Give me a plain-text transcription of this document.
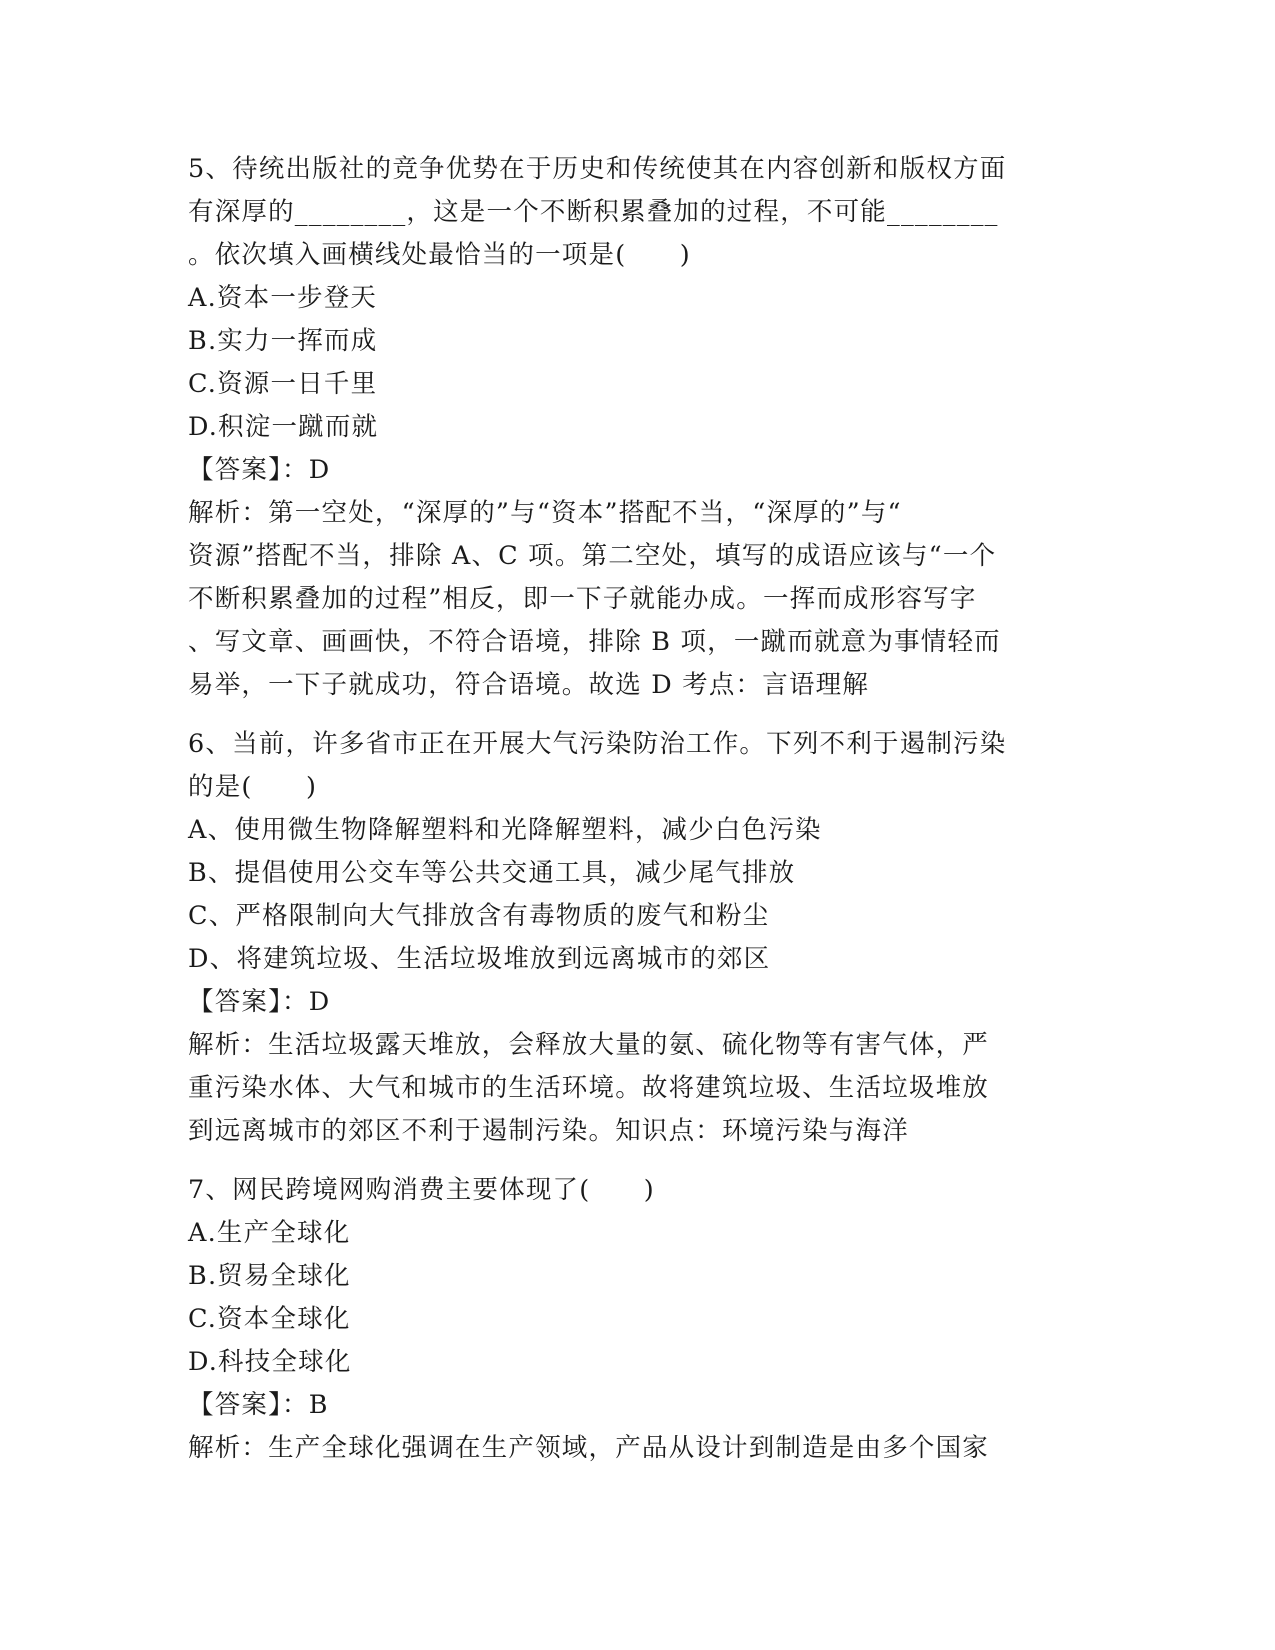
5、待统出版社的竞争优势在于历史和传统使其在内容创新和版权方面
有深厚的________，这是一个不断积累叠加的过程，不可能________
。依次填入画横线处最恰当的一项是(　　)
A.资本一步登天
B.实力一挥而成
C.资源一日千里
D.积淀一蹴而就
【答案】：D
解析：第一空处，“深厚的”与“资本”搭配不当，“深厚的”与“
资源”搭配不当，排除 A、C 项。第二空处，填写的成语应该与“一个
不断积累叠加的过程”相反，即一下子就能办成。一挥而成形容写字
、写文章、画画快，不符合语境，排除 B 项，一蹴而就意为事情轻而
易举，一下子就成功，符合语境。故选 D 考点：言语理解
6、当前，许多省市正在开展大气污染防治工作。下列不利于遏制污染
的是(　　)
A、使用微生物降解塑料和光降解塑料，减少白色污染
B、提倡使用公交车等公共交通工具，减少尾气排放
C、严格限制向大气排放含有毒物质的废气和粉尘
D、将建筑垃圾、生活垃圾堆放到远离城市的郊区
【答案】：D
解析：生活垃圾露天堆放，会释放大量的氨、硫化物等有害气体，严
重污染水体、大气和城市的生活环境。故将建筑垃圾、生活垃圾堆放
到远离城市的郊区不利于遏制污染。知识点：环境污染与海洋
7、网民跨境网购消费主要体现了(　　)
A.生产全球化
B.贸易全球化
C.资本全球化
D.科技全球化
【答案】：B
解析：生产全球化强调在生产领域，产品从设计到制造是由多个国家
